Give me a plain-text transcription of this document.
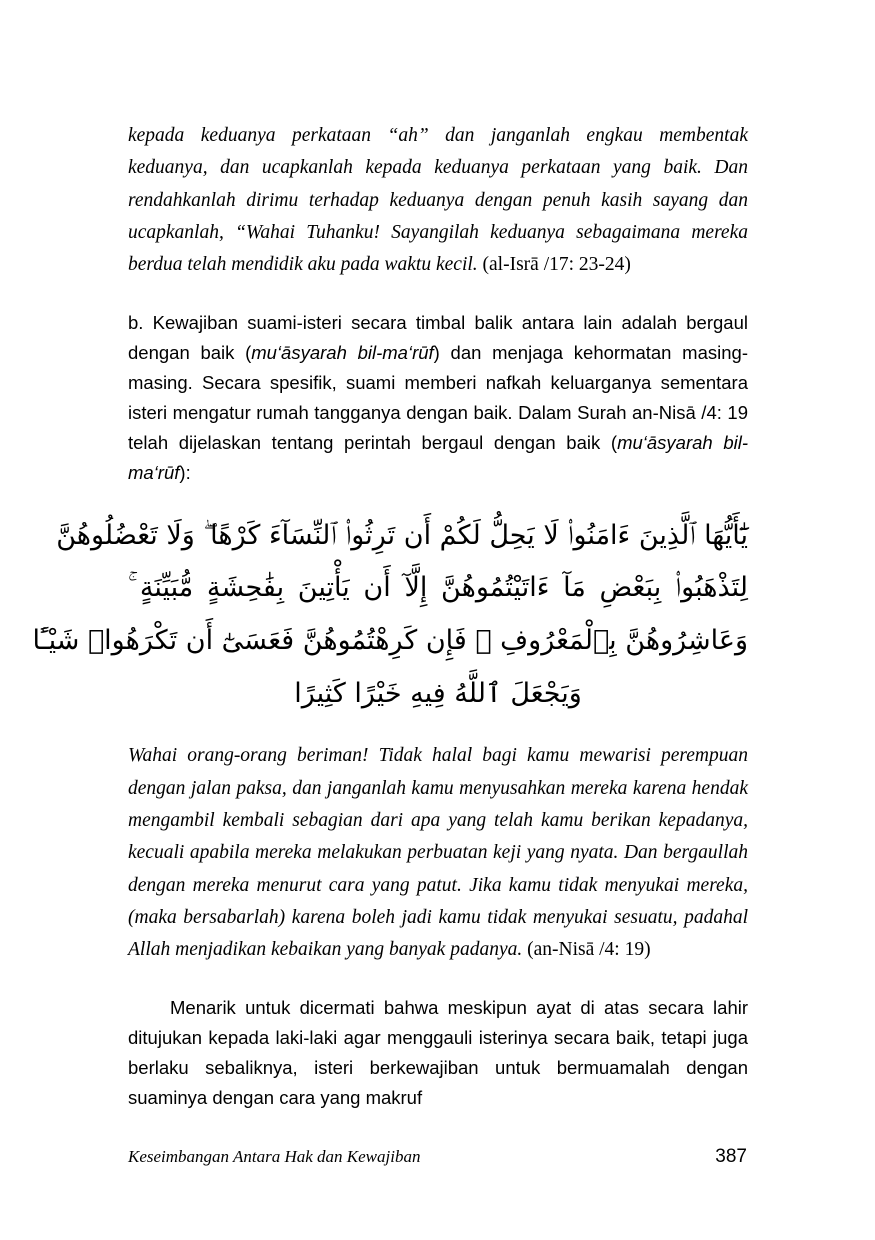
kepada keduanya perkataan “ah” dan janganlah engkau membentak keduanya, dan ucapkanlah kepada keduanya perkataan yang baik. Dan rendahkanlah dirimu terhadap keduanya dengan penuh kasih sayang dan ucapkanlah, “Wahai Tuhanku! Sayangilah keduanya sebagaimana mereka berdua telah mendidik aku pada waktu kecil. (al-Isrā /17: 23-24)

b. Kewajiban suami-isteri secara timbal balik antara lain adalah bergaul dengan baik (mu‘āsyarah bil-ma‘rūf) dan menjaga kehormatan masing-masing. Secara spesifik, suami memberi nafkah keluarganya sementara isteri mengatur rumah tangganya dengan baik. Dalam Surah an-Nisā /4: 19 telah dijelaskan tentang perintah bergaul dengan baik (mu‘āsyarah bil-ma‘rūf):

يَٰٓأَيُّهَا ٱلَّذِينَ ءَامَنُوا۟ لَا يَحِلُّ لَكُمْ أَن تَرِثُوا۟ ٱلنِّسَآءَ كَرْهًا ۖ وَلَا تَعْضُلُوهُنَّ
لِتَذْهَبُوا۟ بِبَعْضِ مَآ ءَاتَيْتُمُوهُنَّ إِلَّآ أَن يَأْتِينَ بِفَٰحِشَةٍ مُّبَيِّنَةٍ ۚ
وَعَاشِرُوهُنَّ بِٱلْمَعْرُوفِ ۚ فَإِن كَرِهْتُمُوهُنَّ فَعَسَىٰٓ أَن تَكْرَهُوا۟ شَيْـًٔا
وَيَجْعَلَ ٱللَّهُ فِيهِ خَيْرًا كَثِيرًا

Wahai orang-orang beriman! Tidak halal bagi kamu mewarisi perempuan dengan jalan paksa, dan janganlah kamu menyusahkan mereka karena hendak mengambil kembali sebagian dari apa yang telah kamu berikan kepadanya, kecuali apabila mereka melakukan perbuatan keji yang nyata. Dan bergaullah dengan mereka menurut cara yang patut. Jika kamu tidak menyukai mereka, (maka bersabarlah) karena boleh jadi kamu tidak menyukai sesuatu, padahal Allah menjadikan kebaikan yang banyak padanya. (an-Nisā /4: 19)

Menarik untuk dicermati bahwa meskipun ayat di atas secara lahir ditujukan kepada laki-laki agar menggauli isterinya secara baik, tetapi juga berlaku sebaliknya, isteri berkewajiban untuk bermuamalah dengan suaminya dengan cara yang makruf

Keseimbangan Antara Hak dan Kewajiban	387
